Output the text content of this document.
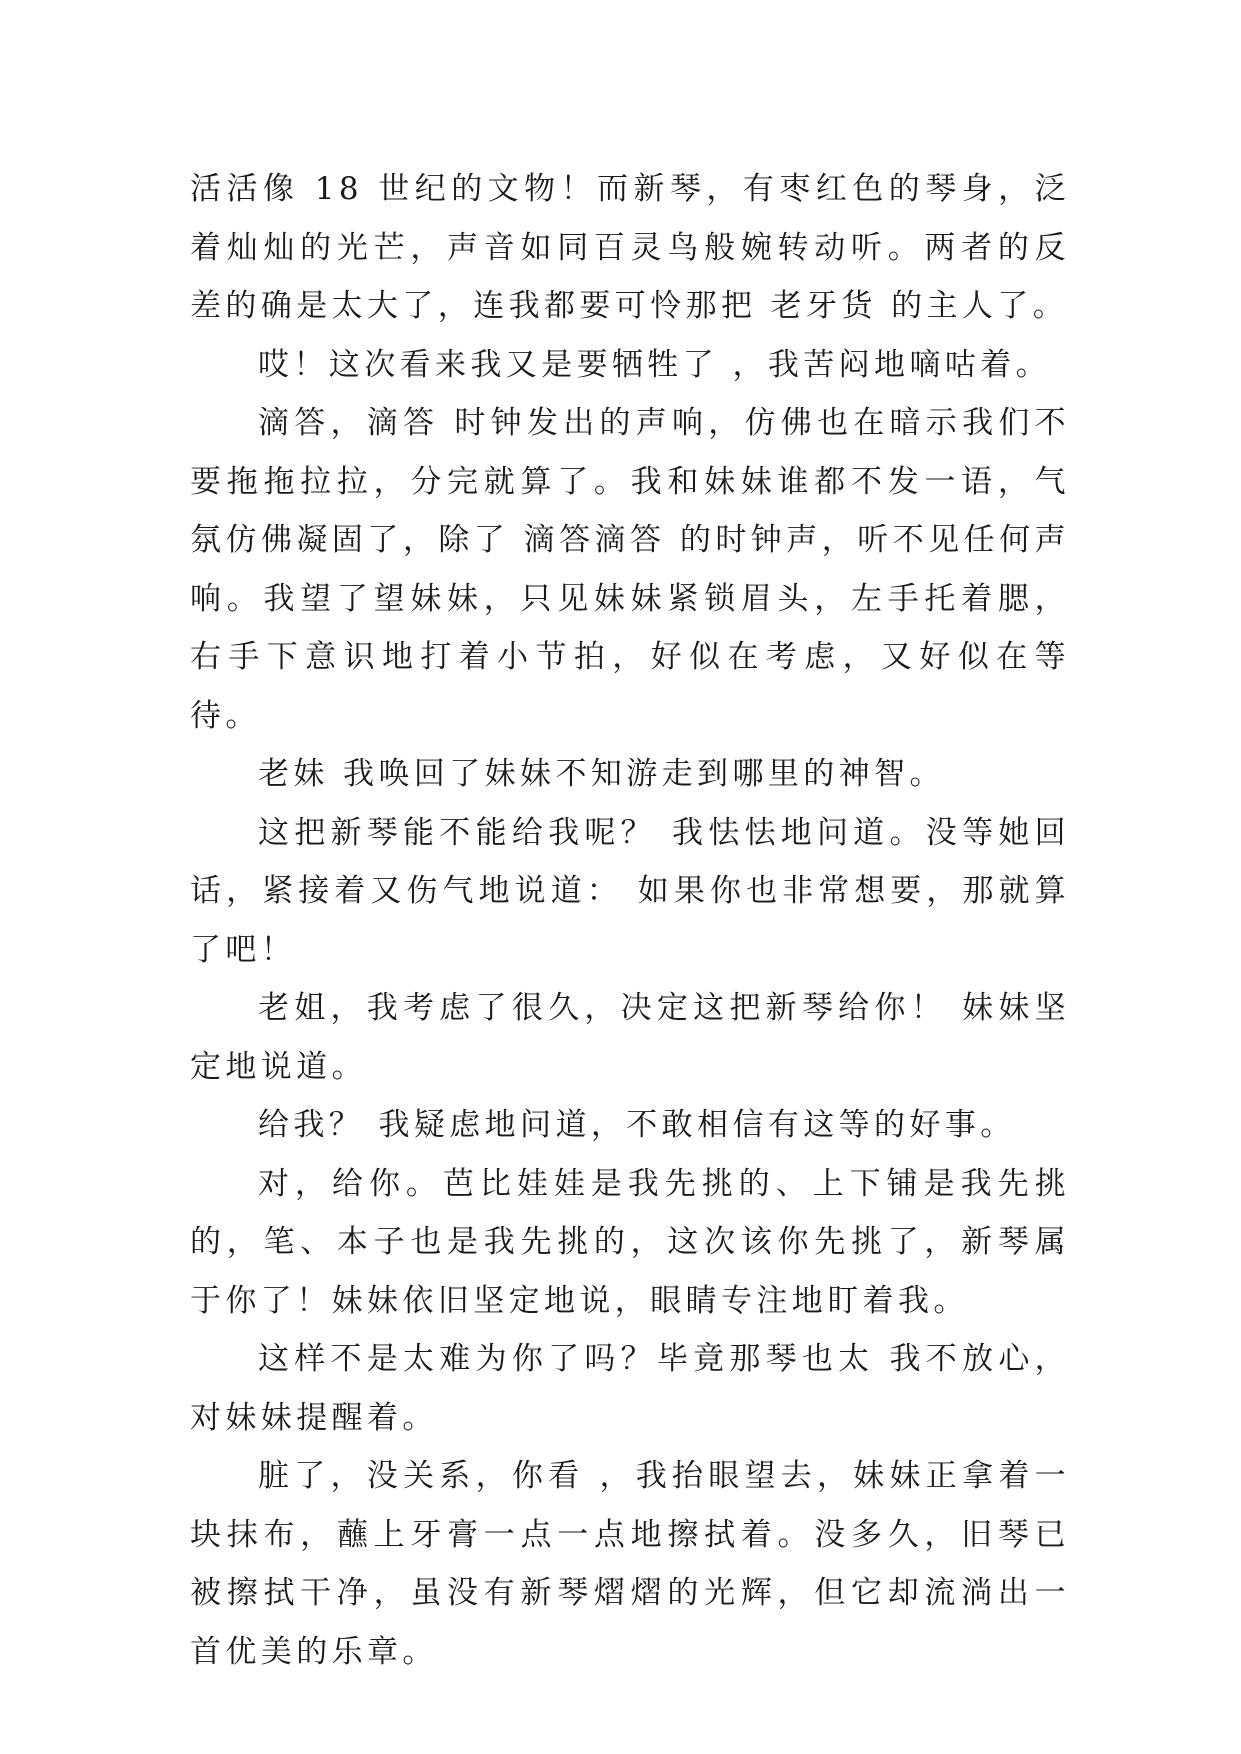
活活像 18 世纪的文物！而新琴，有枣红色的琴身，泛着灿灿的光芒，声音如同百灵鸟般婉转动听。两者的反差的确是太大了，连我都要可怜那把 老牙货 的主人了。

哎！这次看来我又是要牺牲了 ，我苦闷地嘀咕着。

滴答，滴答 时钟发出的声响，仿佛也在暗示我们不要拖拖拉拉，分完就算了。我和妹妹谁都不发一语，气氛仿佛凝固了，除了 滴答滴答 的时钟声，听不见任何声响。我望了望妹妹，只见妹妹紧锁眉头，左手托着腮，右手下意识地打着小节拍，好似在考虑，又好似在等待。

老妹 我唤回了妹妹不知游走到哪里的神智。

这把新琴能不能给我呢？ 我怯怯地问道。没等她回话，紧接着又伤气地说道： 如果你也非常想要，那就算了吧！

老姐，我考虑了很久，决定这把新琴给你！ 妹妹坚定地说道。

给我？ 我疑虑地问道，不敢相信有这等的好事。

对，给你。芭比娃娃是我先挑的、上下铺是我先挑的，笔、本子也是我先挑的，这次该你先挑了，新琴属于你了！妹妹依旧坚定地说，眼睛专注地盯着我。

这样不是太难为你了吗？毕竟那琴也太 我不放心，对妹妹提醒着。

脏了，没关系，你看 ，我抬眼望去，妹妹正拿着一块抹布，蘸上牙膏一点一点地擦拭着。没多久，旧琴已被擦拭干净，虽没有新琴熠熠的光辉，但它却流淌出一首优美的乐章。
